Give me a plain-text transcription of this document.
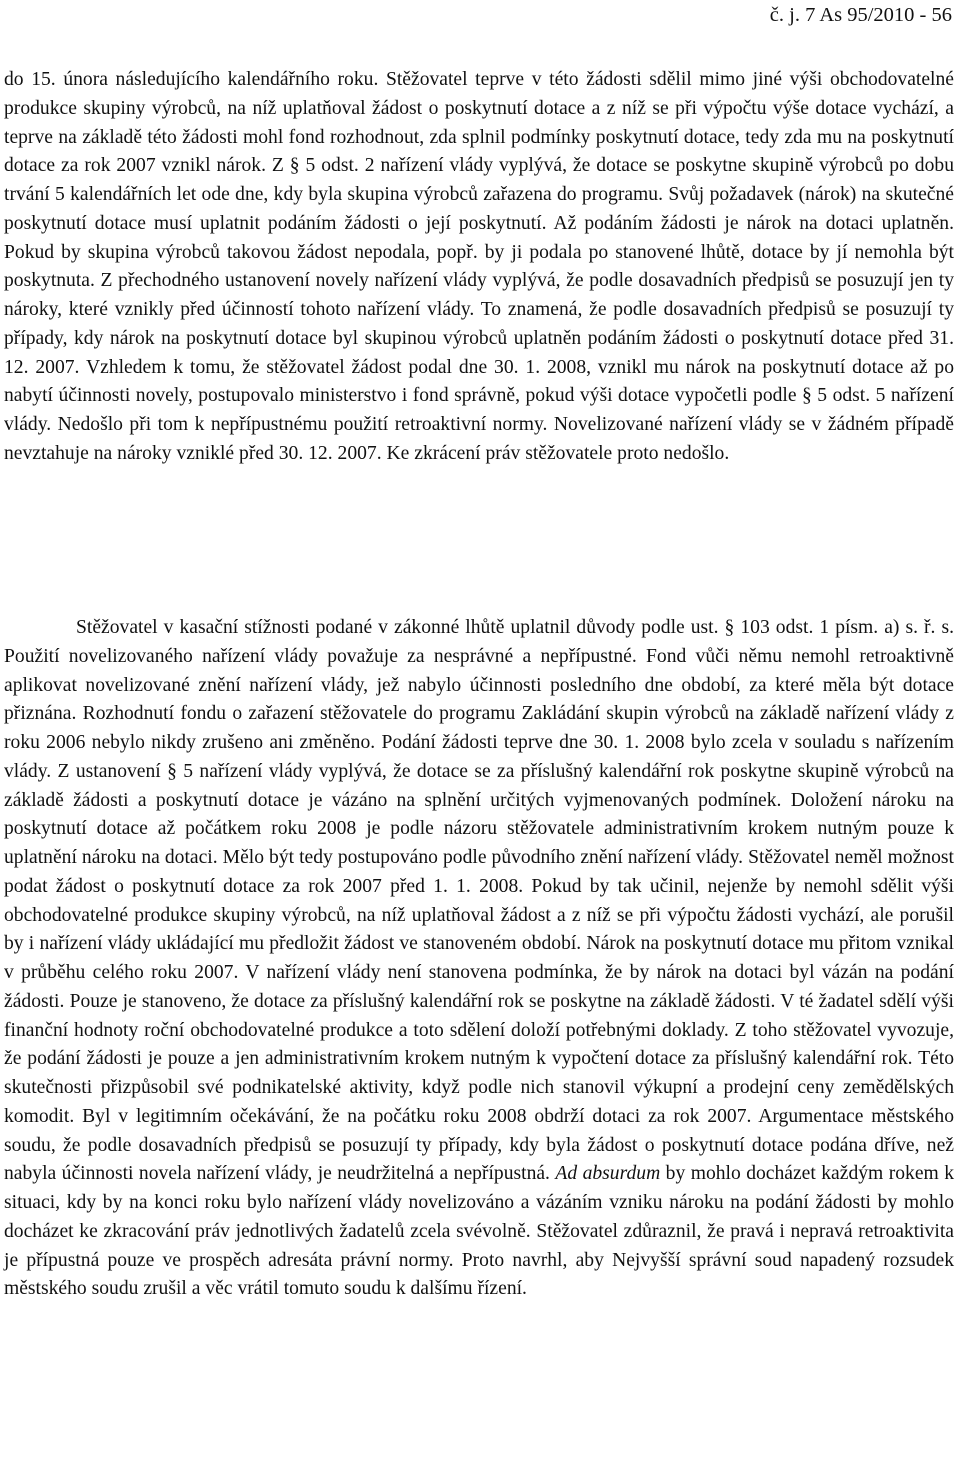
č. j. 7 As 95/2010 - 56

do 15. února následujícího kalendářního roku. Stěžovatel teprve v této žádosti sdělil mimo jiné výši obchodovatelné produkce skupiny výrobců, na níž uplatňoval žádost o poskytnutí dotace a z níž se při výpočtu výše dotace vychází, a teprve na základě této žádosti mohl fond rozhodnout, zda splnil podmínky poskytnutí dotace, tedy zda mu na poskytnutí dotace za rok 2007 vznikl nárok. Z § 5 odst. 2 nařízení vlády vyplývá, že dotace se poskytne skupině výrobců po dobu trvání 5 kalendářních let ode dne, kdy byla skupina výrobců zařazena do programu. Svůj požadavek (nárok) na skutečné poskytnutí dotace musí uplatnit podáním žádosti o její poskytnutí. Až podáním žádosti je nárok na dotaci uplatněn. Pokud by skupina výrobců takovou žádost nepodala, popř. by ji podala po stanovené lhůtě, dotace by jí nemohla být poskytnuta. Z přechodného ustanovení novely nařízení vlády vyplývá, že podle dosavadních předpisů se posuzují jen ty nároky, které vznikly před účinností tohoto nařízení vlády. To znamená, že podle dosavadních předpisů se posuzují ty případy, kdy nárok na poskytnutí dotace byl skupinou výrobců uplatněn podáním žádosti o poskytnutí dotace před 31. 12. 2007. Vzhledem k tomu, že stěžovatel žádost podal dne 30. 1. 2008, vznikl mu nárok na poskytnutí dotace až po nabytí účinnosti novely, postupovalo ministerstvo i fond správně, pokud výši dotace vypočetli podle § 5 odst. 5 nařízení vlády. Nedošlo při tom k nepřípustnému použití retroaktivní normy. Novelizované nařízení vlády se v žádném případě nevztahuje na nároky vzniklé před 30. 12. 2007. Ke zkrácení práv stěžovatele proto nedošlo.

Stěžovatel v kasační stížnosti podané v zákonné lhůtě uplatnil důvody podle ust. § 103 odst. 1 písm. a) s. ř. s. Použití novelizovaného nařízení vlády považuje za nesprávné a nepřípustné. Fond vůči němu nemohl retroaktivně aplikovat novelizované znění nařízení vlády, jež nabylo účinnosti posledního dne období, za které měla být dotace přiznána. Rozhodnutí fondu o zařazení stěžovatele do programu Zakládání skupin výrobců na základě nařízení vlády z roku 2006 nebylo nikdy zrušeno ani změněno. Podání žádosti teprve dne 30. 1. 2008 bylo zcela v souladu s nařízením vlády. Z ustanovení § 5 nařízení vlády vyplývá, že dotace se za příslušný kalendářní rok poskytne skupině výrobců na základě žádosti a poskytnutí dotace je vázáno na splnění určitých vyjmenovaných podmínek. Doložení nároku na poskytnutí dotace až počátkem roku 2008 je podle názoru stěžovatele administrativním krokem nutným pouze k uplatnění nároku na dotaci. Mělo být tedy postupováno podle původního znění nařízení vlády. Stěžovatel neměl možnost podat žádost o poskytnutí dotace za rok 2007 před 1. 1. 2008. Pokud by tak učinil, nejenže by nemohl sdělit výši obchodovatelné produkce skupiny výrobců, na níž uplatňoval žádost a z níž se při výpočtu žádosti vychází, ale porušil by i nařízení vlády ukládající mu předložit žádost ve stanoveném období. Nárok na poskytnutí dotace mu přitom vznikal v průběhu celého roku 2007. V nařízení vlády není stanovena podmínka, že by nárok na dotaci byl vázán na podání žádosti. Pouze je stanoveno, že dotace za příslušný kalendářní rok se poskytne na základě žádosti. V té žadatel sdělí výši finanční hodnoty roční obchodovatelné produkce a toto sdělení doloží potřebnými doklady. Z toho stěžovatel vyvozuje, že podání žádosti je pouze a jen administrativním krokem nutným k vypočtení dotace za příslušný kalendářní rok. Této skutečnosti přizpůsobil své podnikatelské aktivity, když podle nich stanovil výkupní a prodejní ceny zemědělských komodit. Byl v legitimním očekávání, že na počátku roku 2008 obdrží dotaci za rok 2007. Argumentace městského soudu, že podle dosavadních předpisů se posuzují ty případy, kdy byla žádost o poskytnutí dotace podána dříve, než nabyla účinnosti novela nařízení vlády, je neudržitelná a nepřípustná. Ad absurdum by mohlo docházet každým rokem k situaci, kdy by na konci roku bylo nařízení vlády novelizováno a vázáním vzniku nároku na podání žádosti by mohlo docházet ke zkracování práv jednotlivých žadatelů zcela svévolně. Stěžovatel zdůraznil, že pravá i nepravá retroaktivita je přípustná pouze ve prospěch adresáta právní normy. Proto navrhl, aby Nejvyšší správní soud napadený rozsudek městského soudu zrušil a věc vrátil tomuto soudu k dalšímu řízení.
